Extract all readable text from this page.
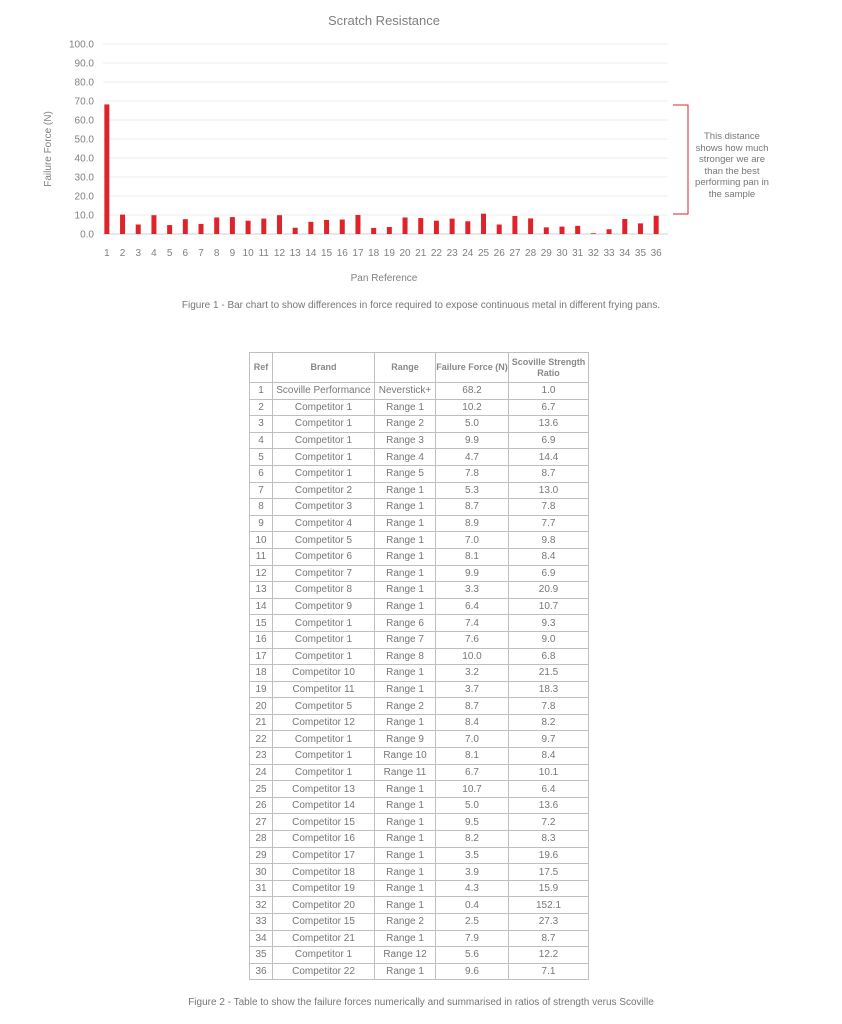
Scratch Resistance
0.0
10.0
20.0
30.0
40.0
50.0
60.0
70.0
80.0
90.0
100.0
1 2 3 4 5 6 7 8 9 10 11 12 13 14 15 16 17 18 19 20 21 22 23 24 25 26 27 28 29 30 31 32 33 34 35 36
Failure Force (N)
Pan Reference
This distance shows how much stronger we are than the best performing pan in the sample
Figure 1 - Bar chart to show differences in force required to expose continuous metal in different frying pans.
Ref	Brand	Range	Failure Force (N)	Scoville Strength Ratio
1	Scoville Performance	Neverstick+	68.2	1.0
2	Competitor 1	Range 1	10.2	6.7
3	Competitor 1	Range 2	5.0	13.6
4	Competitor 1	Range 3	9.9	6.9
5	Competitor 1	Range 4	4.7	14.4
6	Competitor 1	Range 5	7.8	8.7
7	Competitor 2	Range 1	5.3	13.0
8	Competitor 3	Range 1	8.7	7.8
9	Competitor 4	Range 1	8.9	7.7
10	Competitor 5	Range 1	7.0	9.8
11	Competitor 6	Range 1	8.1	8.4
12	Competitor 7	Range 1	9.9	6.9
13	Competitor 8	Range 1	3.3	20.9
14	Competitor 9	Range 1	6.4	10.7
15	Competitor 1	Range 6	7.4	9.3
16	Competitor 1	Range 7	7.6	9.0
17	Competitor 1	Range 8	10.0	6.8
18	Competitor 10	Range 1	3.2	21.5
19	Competitor 11	Range 1	3.7	18.3
20	Competitor 5	Range 2	8.7	7.8
21	Competitor 12	Range 1	8.4	8.2
22	Competitor 1	Range 9	7.0	9.7
23	Competitor 1	Range 10	8.1	8.4
24	Competitor 1	Range 11	6.7	10.1
25	Competitor 13	Range 1	10.7	6.4
26	Competitor 14	Range 1	5.0	13.6
27	Competitor 15	Range 1	9.5	7.2
28	Competitor 16	Range 1	8.2	8.3
29	Competitor 17	Range 1	3.5	19.6
30	Competitor 18	Range 1	3.9	17.5
31	Competitor 19	Range 1	4.3	15.9
32	Competitor 20	Range 1	0.4	152.1
33	Competitor 15	Range 2	2.5	27.3
34	Competitor 21	Range 1	7.9	8.7
35	Competitor 1	Range 12	5.6	12.2
36	Competitor 22	Range 1	9.6	7.1
Figure 2 - Table to show the failure forces numerically and summarised in ratios of strength verus Scoville
